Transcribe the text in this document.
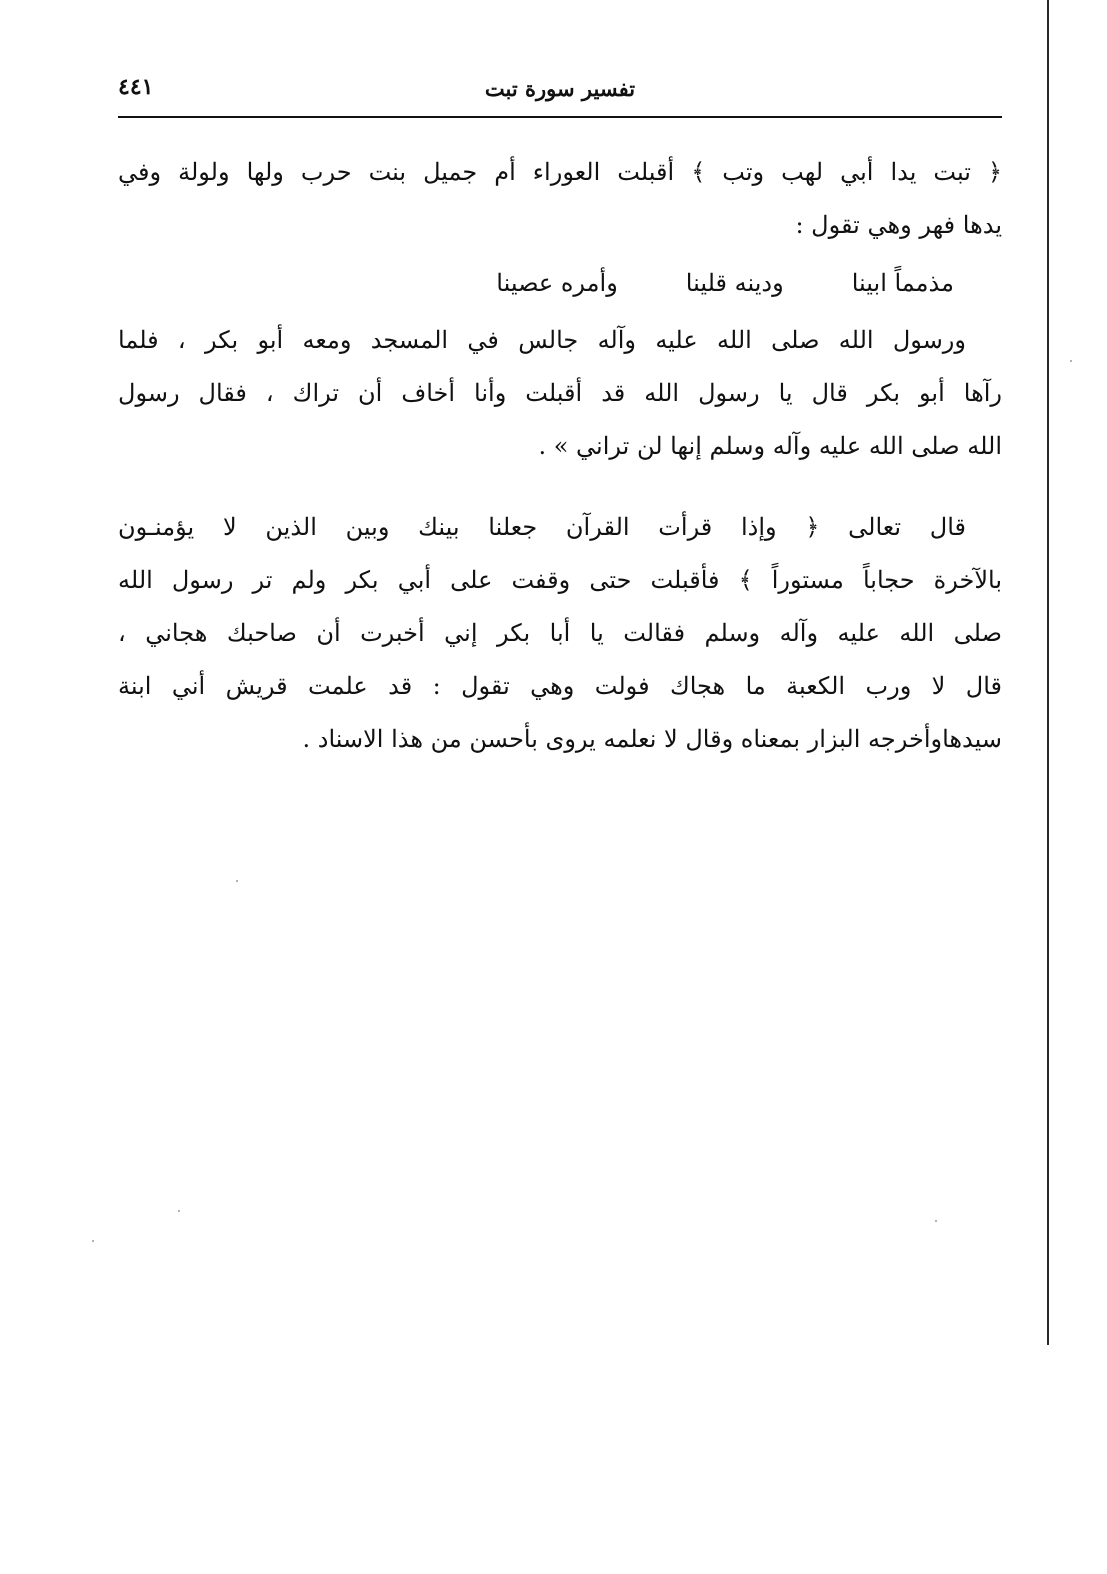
٤٤١	تفسير سورة تبت
﴿ تبت يدا أبي لهب وتب ﴾ أقبلت العوراء أم جميل بنت حرب ولها ولولة وفي
يدها فهر وهي تقول :
مذمماً ابينا
ودينه قلينا
وأمره عصينا
ورسول الله صلى الله عليه وآله جالس في المسجد ومعه أبو بكر ، فلما
رآها أبو بكر قال يا رسول الله قد أقبلت وأنا أخاف أن تراك ، فقال رسول
الله صلى الله عليه وآله وسلم إنها لن تراني » .
قال تعالى ﴿ وإذا قرأت القرآن جعلنا بينك وبين الذين لا يؤمنـون
بالآخرة حجاباً مستوراً ﴾ فأقبلت حتى وقفت على أبي بكر ولم تر رسول الله
صلى الله عليه وآله وسلم فقالت يا أبا بكر إني أخبرت أن صاحبك هجاني ،
قال لا ورب الكعبة ما هجاك فولت وهي تقول : قد علمت قريش أني ابنة
سيدهاوأخرجه البزار بمعناه وقال لا نعلمه يروى بأحسن من هذا الاسناد .
